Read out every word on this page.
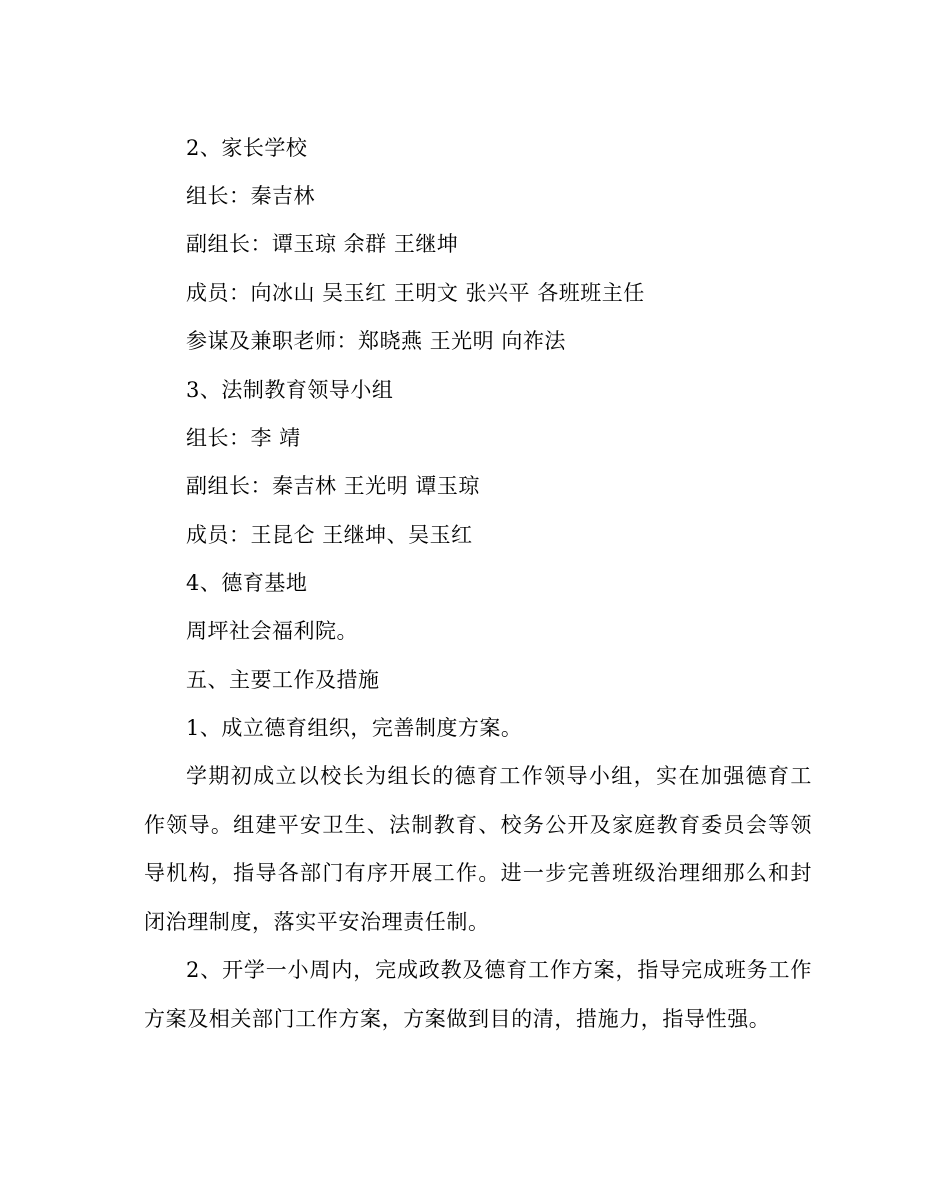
2、家长学校
组长：秦吉林
副组长：谭玉琼 余群 王继坤
成员：向冰山 吴玉红 王明文 张兴平 各班班主任
参谋及兼职老师：郑晓燕 王光明 向祚法
3、法制教育领导小组
组长：李 靖
副组长：秦吉林 王光明 谭玉琼
成员：王昆仑 王继坤、吴玉红
4、德育基地
周坪社会福利院。
五、主要工作及措施
1、成立德育组织，完善制度方案。
学期初成立以校长为组长的德育工作领导小组，实在加强德育工作领导。组建平安卫生、法制教育、校务公开及家庭教育委员会等领导机构，指导各部门有序开展工作。进一步完善班级治理细那么和封闭治理制度，落实平安治理责任制。
2、开学一小周内，完成政教及德育工作方案，指导完成班务工作方案及相关部门工作方案，方案做到目的清，措施力，指导性强。
